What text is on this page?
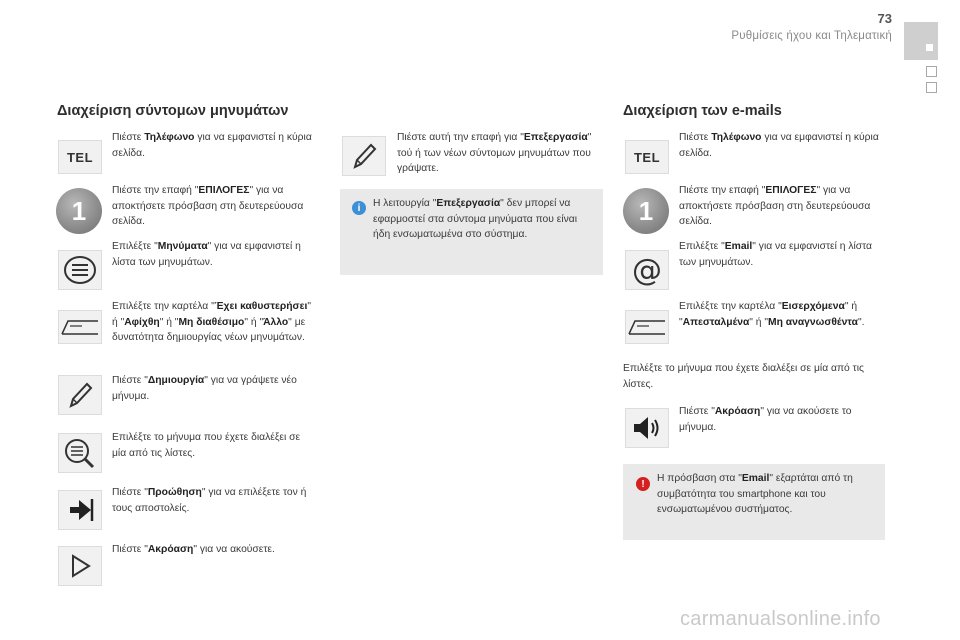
73
Ρυθμίσεις ήχου και Τηλεματική
Διαχείριση σύντομων μηνυμάτων
TEL
Πιέστε Τηλέφωνο για να εμφανιστεί η κύρια σελίδα.
1
Πιέστε την επαφή "ΕΠΙΛΟΓΕΣ" για να αποκτήσετε πρόσβαση στη δευτερεύουσα σελίδα.
Επιλέξτε "Μηνύματα" για να εμφανιστεί η λίστα των μηνυμάτων.
Επιλέξτε την καρτέλα "Έχει καθυστερήσει" ή "Αφίχθη" ή "Μη διαθέσιμο" ή "Άλλο" με δυνατότητα δημιουργίας νέων μηνυμάτων.
Πιέστε "Δημιουργία" για να γράψετε νέο μήνυμα.
Επιλέξτε το μήνυμα που έχετε διαλέξει σε μία από τις λίστες.
Πιέστε "Προώθηση" για να επιλέξετε τον ή τους αποστολείς.
Πιέστε "Ακρόαση" για να ακούσετε.
Πιέστε αυτή την επαφή για "Επεξεργασία" τού ή των νέων σύντομων μηνυμάτων που γράψατε.
i	Η λειτουργία "Επεξεργασία" δεν μπορεί να εφαρμοστεί στα σύντομα μηνύματα που είναι ήδη ενσωματωμένα στο σύστημα.
Διαχείριση των e-mails
TEL
Πιέστε Τηλέφωνο για να εμφανιστεί η κύρια σελίδα.
1
Πιέστε την επαφή "ΕΠΙΛΟΓΕΣ" για να αποκτήσετε πρόσβαση στη δευτερεύουσα σελίδα.
@
Επιλέξτε "Email" για να εμφανιστεί η λίστα των μηνυμάτων.
Επιλέξτε την καρτέλα "Εισερχόμενα" ή "Απεσταλμένα" ή "Μη αναγνωσθέντα".
Επιλέξτε το μήνυμα που έχετε διαλέξει σε μία από τις λίστες.
Πιέστε "Ακρόαση" για να ακούσετε το μήνυμα.
!	Η πρόσβαση στα "Email" εξαρτάται από τη συμβατότητα του smartphone και του ενσωματωμένου συστήματος.
carmanualsonline.info
